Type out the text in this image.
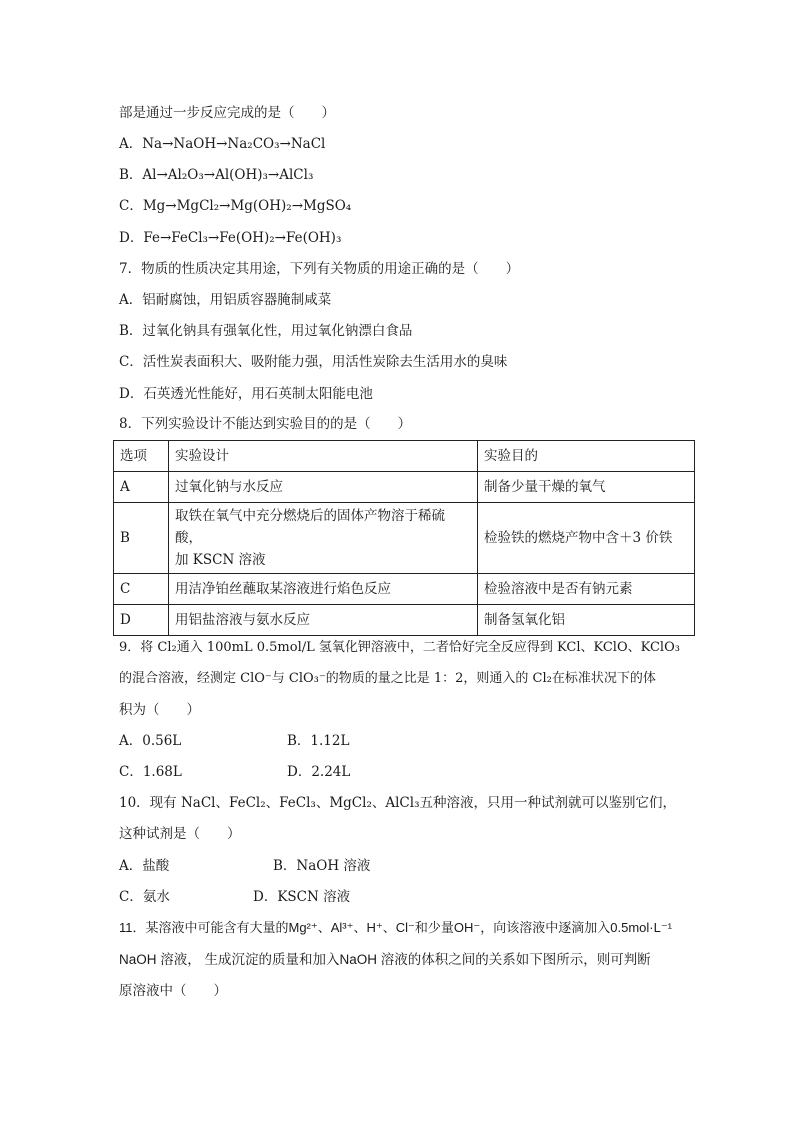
部是通过一步反应完成的是（　　）
A．Na→NaOH→Na₂CO₃→NaCl
B．Al→Al₂O₃→Al(OH)₃→AlCl₃
C．Mg→MgCl₂→Mg(OH)₂→MgSO₄
D．Fe→FeCl₃→Fe(OH)₂→Fe(OH)₃
7．物质的性质决定其用途，下列有关物质的用途正确的是（　　）
A．铝耐腐蚀，用铝质容器腌制咸菜
B．过氧化钠具有强氧化性，用过氧化钠漂白食品
C．活性炭表面积大、吸附能力强，用活性炭除去生活用水的臭味
D．石英透光性能好，用石英制太阳能电池
8．下列实验设计不能达到实验目的的是（　　）
选项	实验设计	实验目的
A	过氧化钠与水反应	制备少量干燥的氧气
B	取铁在氧气中充分燃烧后的固体产物溶于稀硫酸，
加 KSCN 溶液	检验铁的燃烧产物中含＋3 价铁
C	用洁净铂丝蘸取某溶液进行焰色反应	检验溶液中是否有钠元素
D	用铝盐溶液与氨水反应	制备氢氧化铝
9．将 Cl₂通入 100mL 0.5mol/L 氢氧化钾溶液中，二者恰好完全反应得到 KCl、KClO、KClO₃
的混合溶液，经测定 ClO⁻与 ClO₃⁻的物质的量之比是 1：2，则通入的 Cl₂在标准状况下的体
积为（　　）
A．0.56L	B．1.12L
C．1.68L	D．2.24L
10．现有 NaCl、FeCl₂、FeCl₃、MgCl₂、AlCl₃五种溶液，只用一种试剂就可以鉴别它们，
这种试剂是（　　）
A．盐酸	B．NaOH 溶液
C．氨水	D．KSCN 溶液
11．某溶液中可能含有大量的Mg²⁺、Al³⁺、H⁺、Cl⁻和少量OH⁻，向该溶液中逐滴加入0.5mol·L⁻¹
NaOH 溶液， 生成沉淀的质量和加入NaOH 溶液的体积之间的关系如下图所示，则可判断
原溶液中（　　）
